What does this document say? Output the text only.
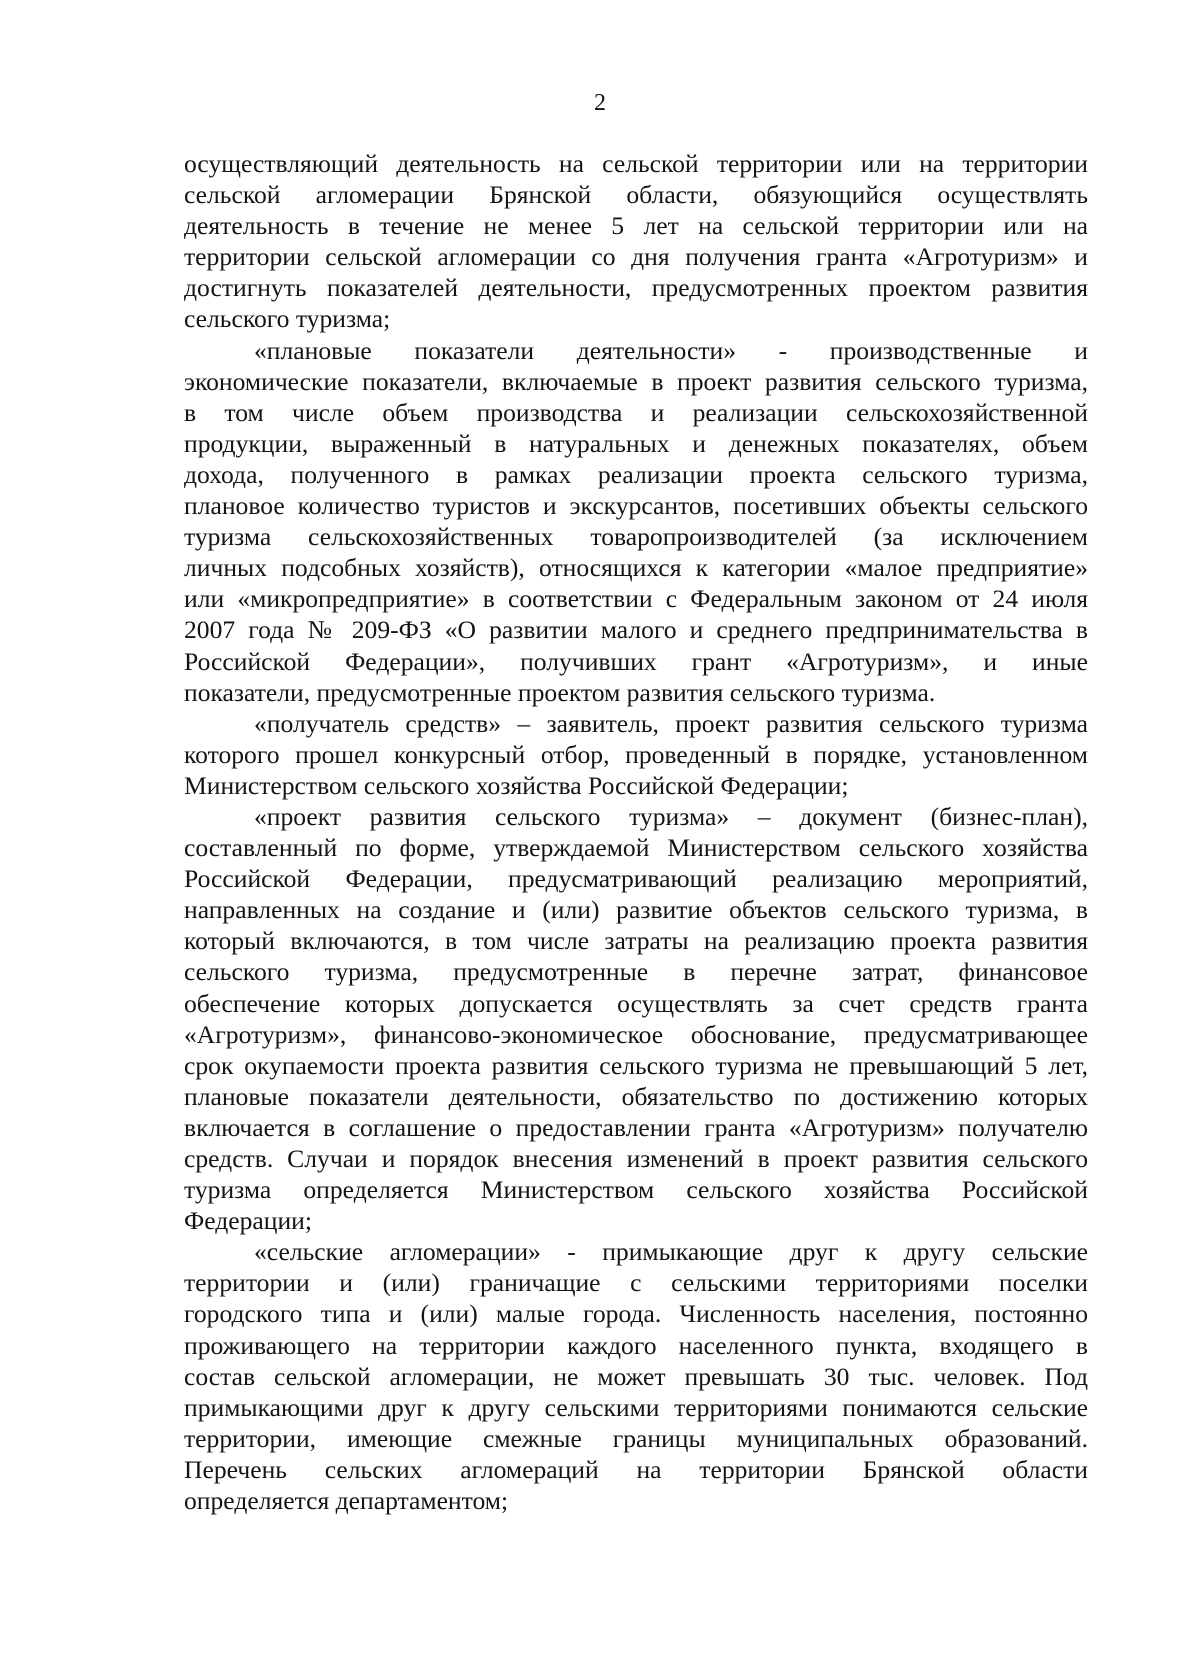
2
осуществляющий деятельность на сельской территории или на территории
сельской агломерации Брянской области, обязующийся осуществлять
деятельность в течение не менее 5 лет на сельской территории или на
территории сельской агломерации со дня получения гранта «Агротуризм» и
достигнуть показателей деятельности, предусмотренных проектом развития
сельского туризма;
«плановые показатели деятельности» - производственные и
экономические показатели, включаемые в проект развития сельского туризма,
в том числе объем производства и реализации сельскохозяйственной
продукции, выраженный в натуральных и денежных показателях, объем
дохода, полученного в рамках реализации проекта сельского туризма,
плановое количество туристов и экскурсантов, посетивших объекты сельского
туризма сельскохозяйственных товаропроизводителей (за исключением
личных подсобных хозяйств), относящихся к категории «малое предприятие»
или «микропредприятие» в соответствии с Федеральным законом от 24 июля
2007 года № 209-ФЗ «О развитии малого и среднего предпринимательства в
Российской Федерации», получивших грант «Агротуризм», и иные
показатели, предусмотренные проектом развития сельского туризма.
«получатель средств» – заявитель, проект развития сельского туризма
которого прошел конкурсный отбор, проведенный в порядке, установленном
Министерством сельского хозяйства Российской Федерации;
«проект развития сельского туризма» – документ (бизнес-план),
составленный по форме, утверждаемой Министерством сельского хозяйства
Российской Федерации, предусматривающий реализацию мероприятий,
направленных на создание и (или) развитие объектов сельского туризма, в
который включаются, в том числе затраты на реализацию проекта развития
сельского туризма, предусмотренные в перечне затрат, финансовое
обеспечение которых допускается осуществлять за счет средств гранта
«Агротуризм», финансово-экономическое обоснование, предусматривающее
срок окупаемости проекта развития сельского туризма не превышающий 5 лет,
плановые показатели деятельности, обязательство по достижению которых
включается в соглашение о предоставлении гранта «Агротуризм» получателю
средств. Случаи и порядок внесения изменений в проект развития сельского
туризма определяется Министерством сельского хозяйства Российской
Федерации;
«сельские агломерации» - примыкающие друг к другу сельские
территории и (или) граничащие с сельскими территориями поселки
городского типа и (или) малые города. Численность населения, постоянно
проживающего на территории каждого населенного пункта, входящего в
состав сельской агломерации, не может превышать 30 тыс. человек. Под
примыкающими друг к другу сельскими территориями понимаются сельские
территории, имеющие смежные границы муниципальных образований.
Перечень сельских агломераций на территории Брянской области
определяется департаментом;
